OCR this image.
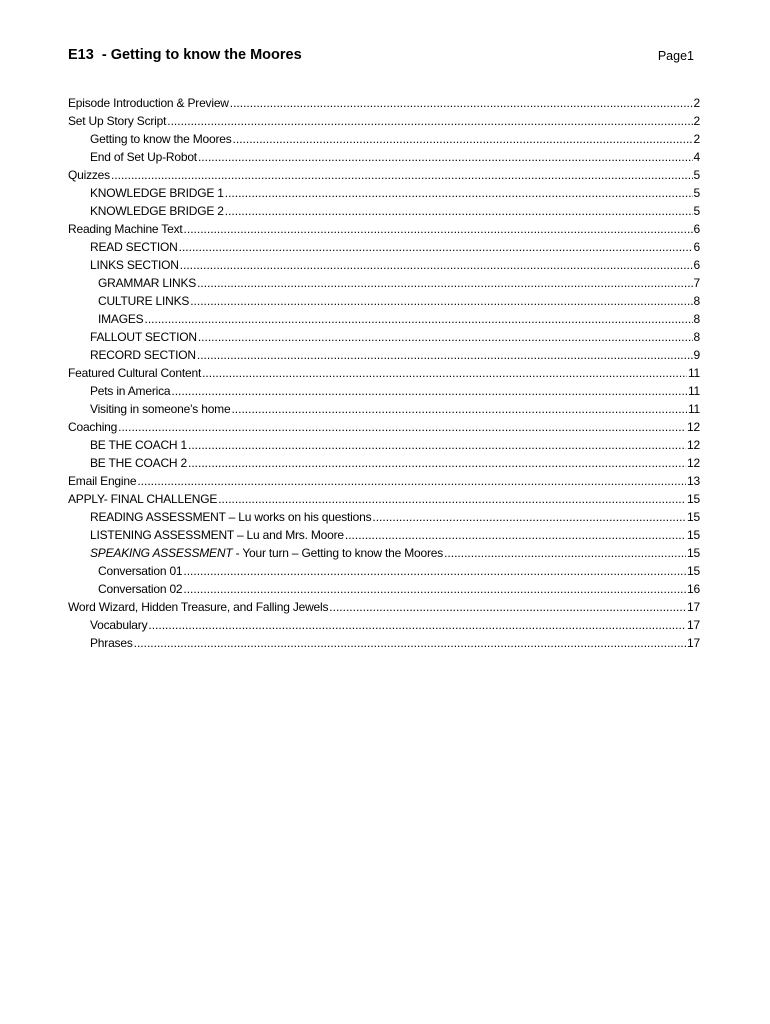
E13  - Getting to know the Moores	Page1
Episode Introduction & Preview .....	2
Set Up Story Script .....	2
Getting to know the Moores .....	2
End of Set Up-Robot .....	4
Quizzes .....	5
KNOWLEDGE BRIDGE 1 .....	5
KNOWLEDGE BRIDGE 2 .....	5
Reading Machine Text .....	6
READ SECTION .....	6
LINKS SECTION .....	6
GRAMMAR LINKS .....	7
CULTURE LINKS .....	8
IMAGES .....	8
FALLOUT SECTION .....	8
RECORD SECTION .....	9
Featured Cultural Content .....	11
Pets in America .....	11
Visiting in someone’s home .....	11
Coaching .....	12
BE THE COACH 1 .....	12
BE THE COACH 2 .....	12
Email Engine .....	13
APPLY- FINAL CHALLENGE .....	15
READING ASSESSMENT – Lu works on his questions .....	15
LISTENING ASSESSMENT – Lu and Mrs. Moore .....	15
SPEAKING ASSESSMENT - Your turn – Getting to know the Moores .....	15
Conversation 01 .....	15
Conversation 02 .....	16
Word Wizard, Hidden Treasure, and Falling Jewels .....	17
Vocabulary .....	17
Phrases .....	17
